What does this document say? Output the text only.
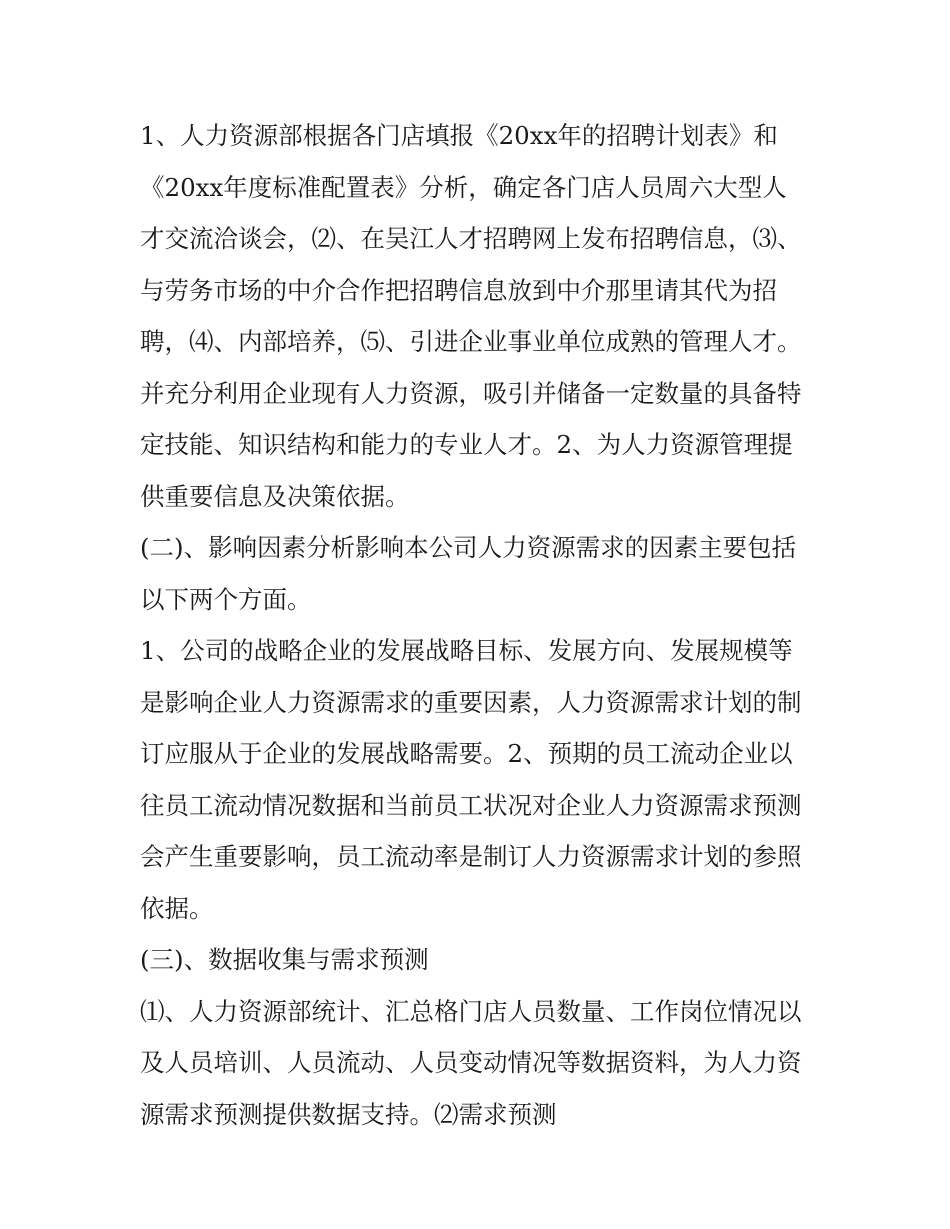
1、人力资源部根据各门店填报《20xx年的招聘计划表》和
《20xx年度标准配置表》分析，确定各门店人员周六大型人
才交流洽谈会，⑵、在吴江人才招聘网上发布招聘信息，⑶、
与劳务市场的中介合作把招聘信息放到中介那里请其代为招
聘，⑷、内部培养，⑸、引进企业事业单位成熟的管理人才。
并充分利用企业现有人力资源，吸引并储备一定数量的具备特
定技能、知识结构和能力的专业人才。2、为人力资源管理提
供重要信息及决策依据。
(二)、影响因素分析影响本公司人力资源需求的因素主要包括
以下两个方面。
1、公司的战略企业的发展战略目标、发展方向、发展规模等
是影响企业人力资源需求的重要因素，人力资源需求计划的制
订应服从于企业的发展战略需要。2、预期的员工流动企业以
往员工流动情况数据和当前员工状况对企业人力资源需求预测
会产生重要影响，员工流动率是制订人力资源需求计划的参照
依据。
(三)、数据收集与需求预测
⑴、人力资源部统计、汇总格门店人员数量、工作岗位情况以
及人员培训、人员流动、人员变动情况等数据资料，为人力资
源需求预测提供数据支持。⑵需求预测
